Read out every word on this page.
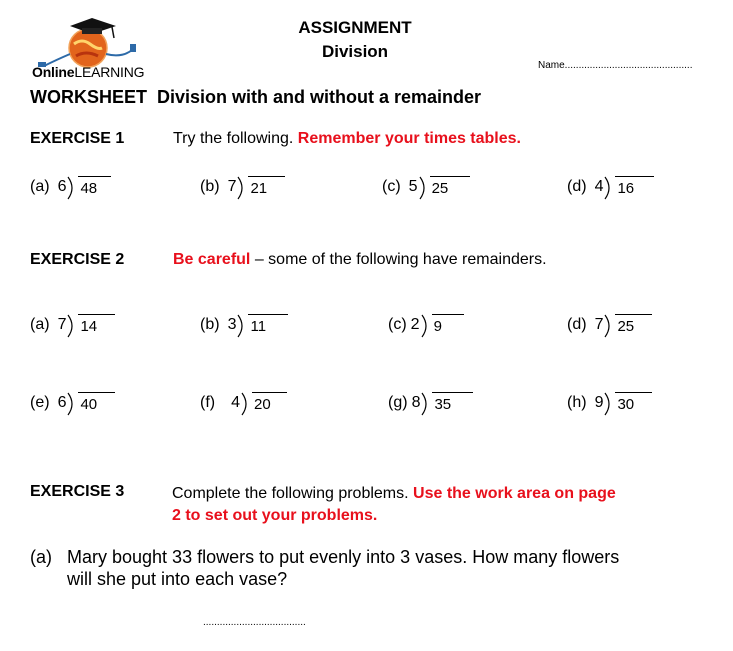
OnlineLEARNING
ASSIGNMENT
Division
Name..............................................
WORKSHEET Division with and without a remainder
EXERCISE 1	Try the following. Remember your times tables.
(a) 6 48	(b) 7 21	(c) 5 25	(d) 4 16
EXERCISE 2	Be careful – some of the following have remainders.
(a) 7 14	(b) 3 11	(c) 2 9	(d) 7 25
(e) 6 40	(f) 4 20	(g) 8 35	(h) 9 30
EXERCISE 3	Complete the following problems. Use the work area on page
2 to set out your problems.
(a) Mary bought 33 flowers to put evenly into 3 vases. How many flowers
will she put into each vase?
.....................................
